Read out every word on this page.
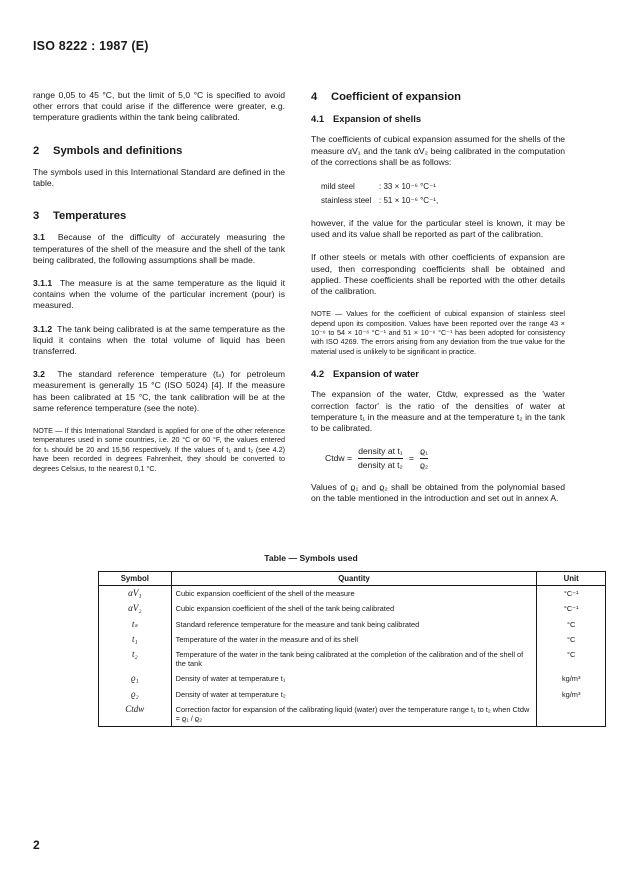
ISO 8222 : 1987 (E)

range 0,05 to 45 °C, but the limit of 5,0 °C is specified to avoid other errors that could arise if the difference were greater, e.g. temperature gradients within the tank being calibrated.

2 Symbols and definitions

The symbols used in this International Standard are defined in the table.

3 Temperatures

3.1 Because of the difficulty of accurately measuring the temperatures of the shell of the measure and the shell of the tank being calibrated, the following assumptions shall be made.

3.1.1 The measure is at the same temperature as the liquid it contains when the volume of the particular increment (pour) is measured.

3.1.2 The tank being calibrated is at the same temperature as the liquid it contains when the total volume of liquid has been transferred.

3.2 The standard reference temperature (tₛ) for petroleum measurement is generally 15 °C (ISO 5024) [4]. If the measure has been calibrated at 15 °C, the tank calibration will be at the same reference temperature (see the note).

NOTE — If this International Standard is applied for one of the other reference temperatures used in some countries, i.e. 20 °C or 60 °F, the values entered for tₛ should be 20 and 15,56 respectively. If the values of t₁ and t₂ (see 4.2) have been recorded in degrees Fahrenheit, they should be converted to degrees Celsius, to the nearest 0,1 °C.

4 Coefficient of expansion
4.1 Expansion of shells

The coefficients of cubical expansion assumed for the shells of the measure αV₁ and the tank αV₂ being calibrated in the computation of the corrections shall be as follows:

mild steel	: 33 × 10⁻⁶ °C⁻¹
stainless steel : 51 × 10⁻⁶ °C⁻¹,

however, if the value for the particular steel is known, it may be used and its value shall be reported as part of the calibration.

If other steels or metals with other coefficients of expansion are used, then corresponding coefficients shall be obtained and applied. These coefficients shall be reported with the other details of the calibration.

NOTE — Values for the coefficient of cubical expansion of stainless steel depend upon its composition. Values have been reported over the range 43 × 10⁻⁶ to 54 × 10⁻⁶ °C⁻¹ and 51 × 10⁻⁶ °C⁻¹ has been adopted for consistency with ISO 4269. The errors arising from any deviation from the true value for the material used is unlikely to be significant in practice.

4.2 Expansion of water

The expansion of the water, Ctdw, expressed as the 'water correction factor' is the ratio of the densities of water at temperature t₁ in the measure and at the temperature t₂ in the tank to be calibrated.

Ctdw = $\frac{\text{density at t₁}}{\text{density at t₂}} = \frac{\text{ϱ₁}}{\text{ϱ₂}}$

Values of ϱ₁ and ϱ₂ shall be obtained from the polynomial based on the table mentioned in the introduction and set out in annex A.

Table — Symbols used
Symbol	Quantity	Unit
αV₁	Cubic expansion coefficient of the shell of the measure	°C⁻¹
αV₂	Cubic expansion coefficient of the shell of the tank being calibrated	°C⁻¹
tₛ	Standard reference temperature for the measure and tank being calibrated	°C
t₁	Temperature of the water in the measure and of its shell	°C
t₂	Temperature of the water in the tank being calibrated at the completion of the calibration and of the shell of the tank	°C
ϱ₁	Density of water at temperature t₁	kg/m³
ϱ₂	Density of water at temperature t₂	kg/m³
Ctdw	Correction factor for expansion of the calibrating liquid (water) over the temperature range t₁ to t₂ when Ctdw = ϱ₁ / ϱ₂	
2
